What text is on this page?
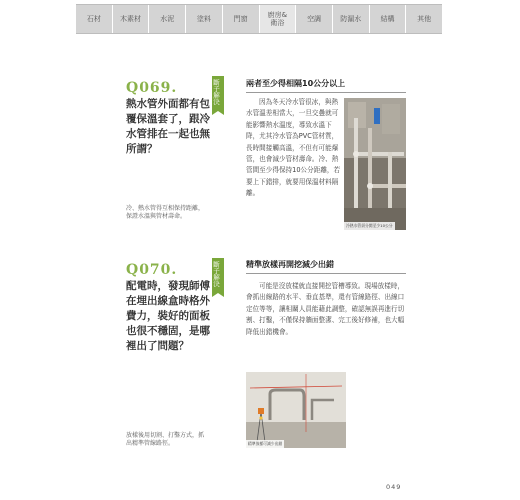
石材	木素材	水泥	塗料	門窗	廚房&
衛浴	空調	防漏水	結構	其他
Q069.
熱水管外面都有包覆保溫套了，跟冷水管排在一起也無所謂？
冷、熱水管得互相保持距離，保證水溫與管材壽命。
斷子解決	兩者至少得相隔10公分以上
因為冬天冷水管很冰，與熱水管溫差相當大，一旦交疊就可能影響熱水溫度，導致水溫下降，尤其冷水管為PVC管材質，長時間接觸高溫，不但有可能爆管，也會減少管材壽命。冷、熱管間至少得保持10公分距離，若要上下錯排，就要用保溫材料隔離。
冷熱水管須分開至少10公分
Q070.
配電時，發現師傅在埋出線盒時格外費力，裝好的面板也很不穩固，是哪裡出了問題？
放樣後用切割、打鑿方式，抓出精準管線路徑。
斷子解決	精準放樣再開挖減少出錯
可能是沒放樣就直接開挖管槽導致。現場放樣時，會抓出線路的水平、垂直基準，還有管線路徑、出線口定位等等，讓相關人員能藉此調整，確認無誤再進行切割、打鑿，不僅保持牆面整潔、完工後好修補，也大幅降低出錯機會。
精準放樣可減少出錯
049
